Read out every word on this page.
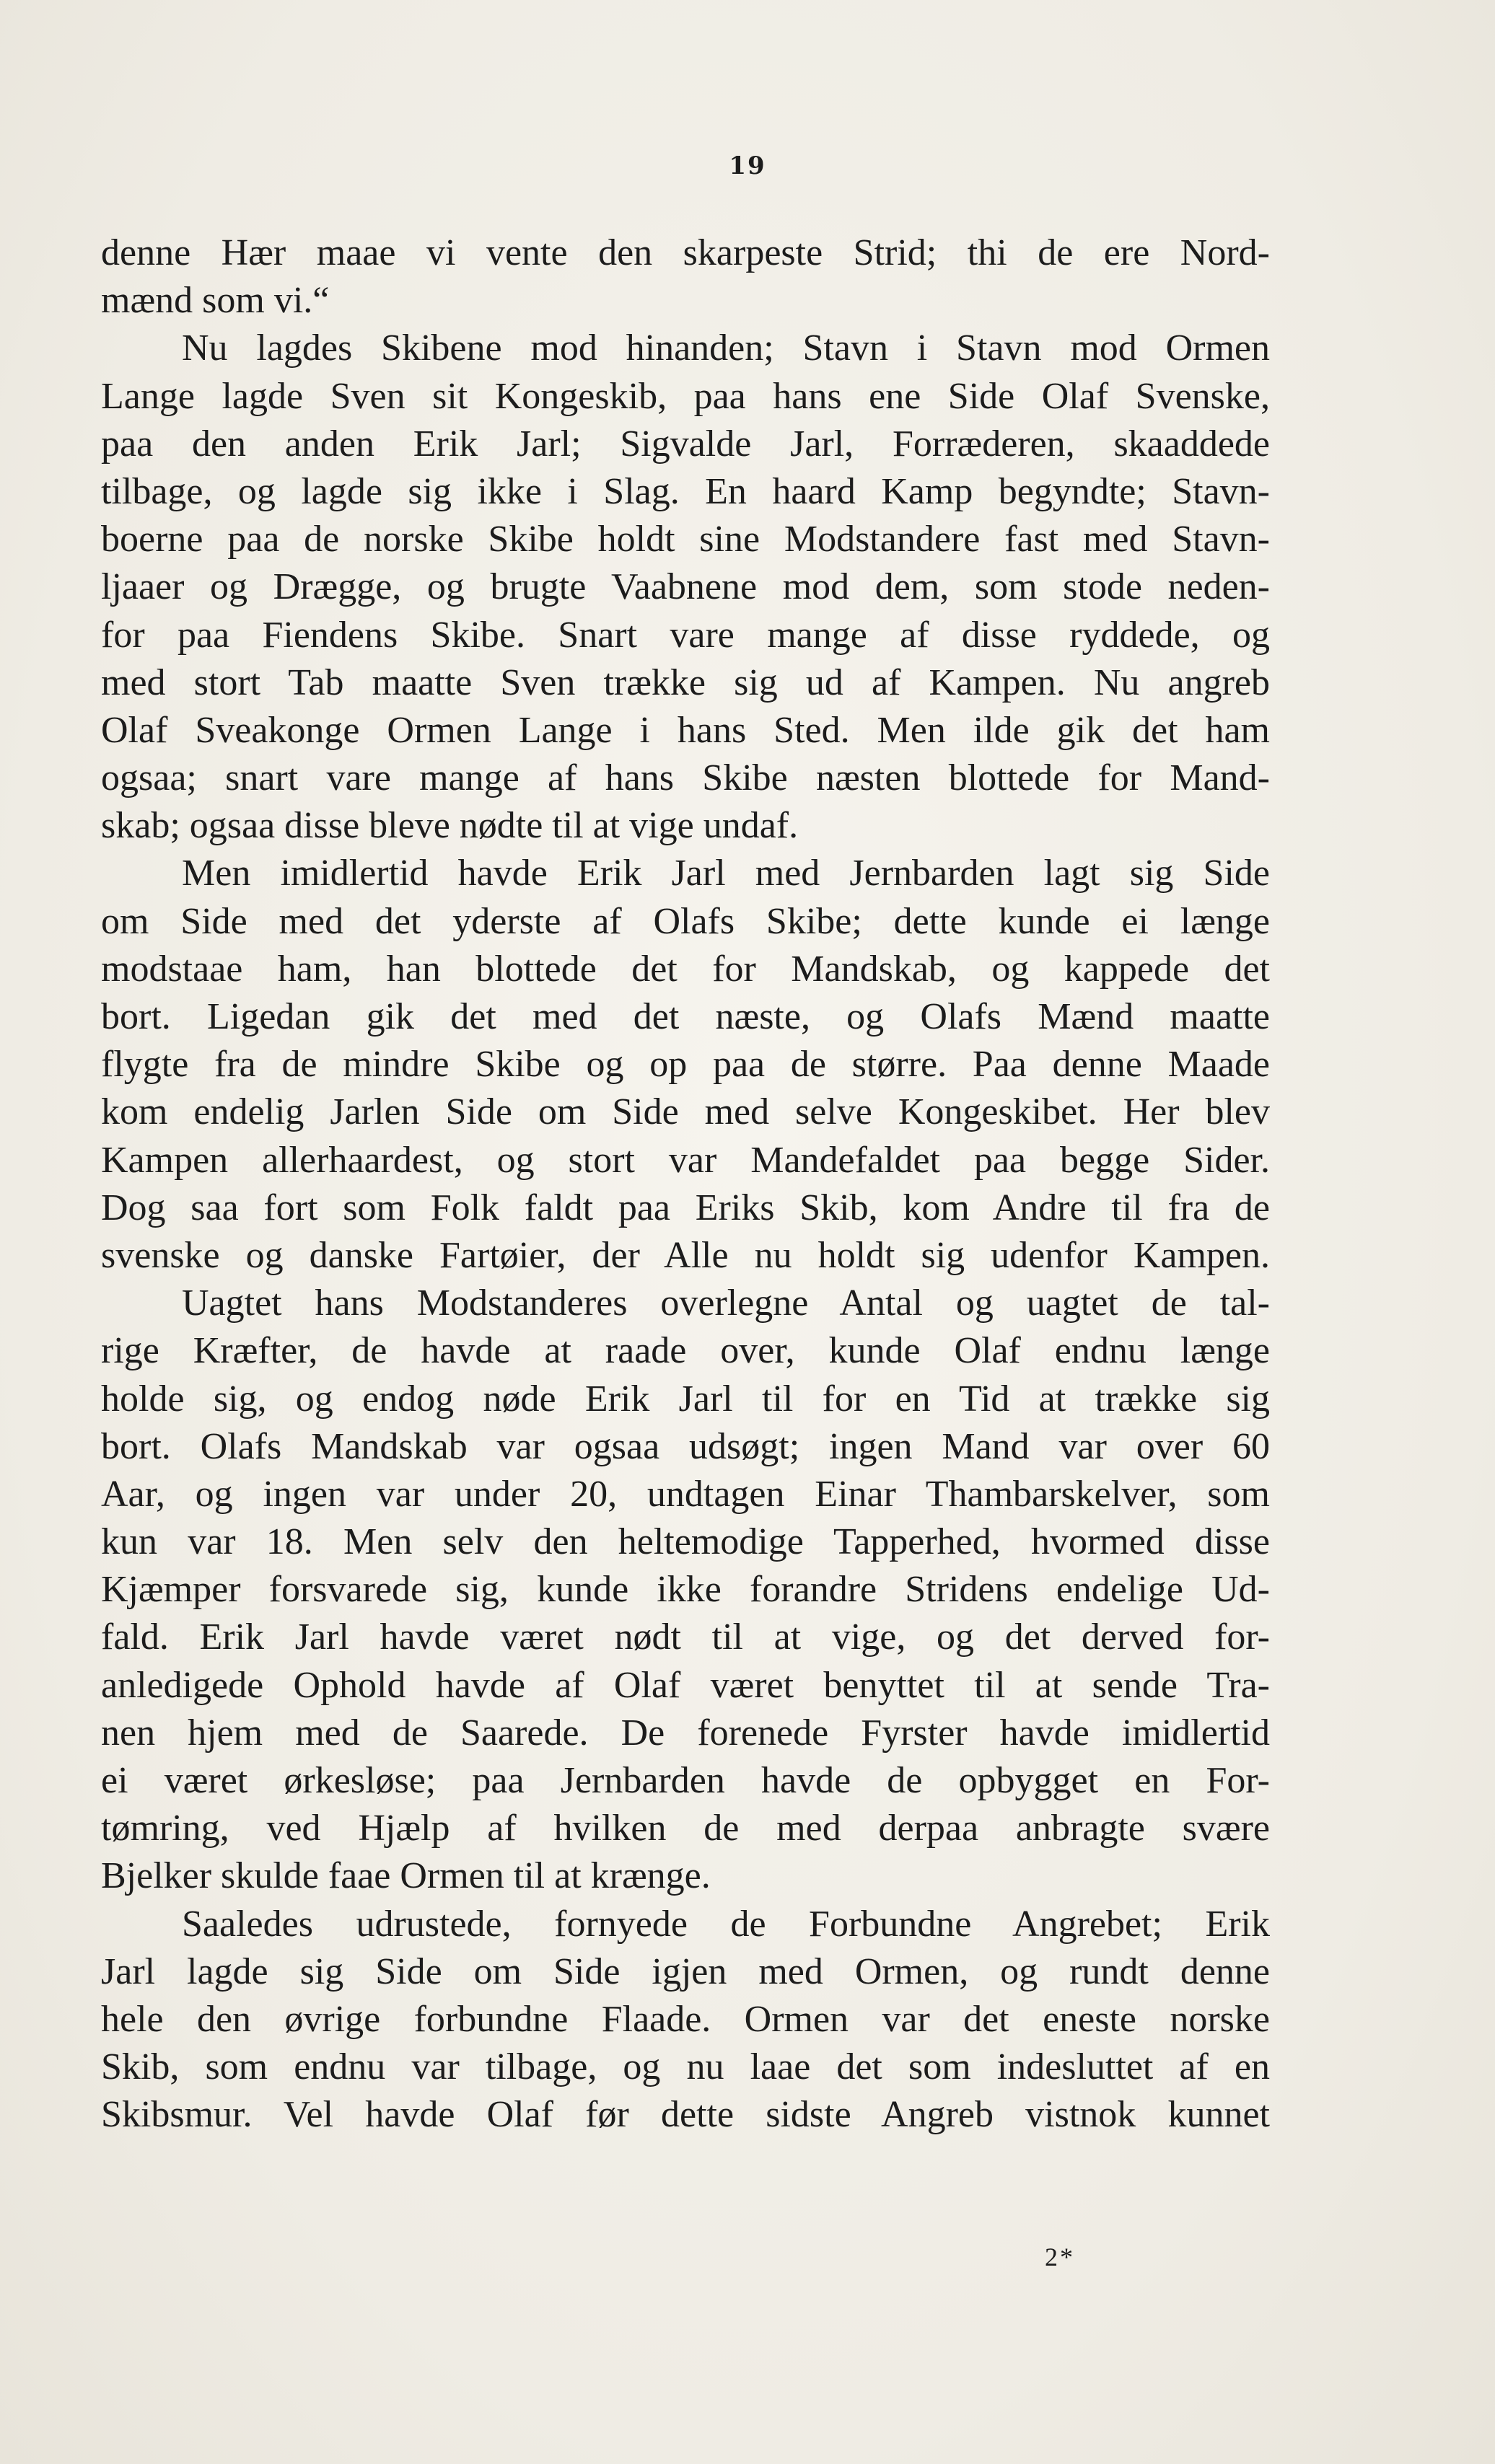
19
denne Hær maae vi vente den skarpeste Strid; thi de ere Nord-
mænd som vi.“
Nu lagdes Skibene mod hinanden; Stavn i Stavn mod Ormen
Lange lagde Sven sit Kongeskib, paa hans ene Side Olaf Svenske,
paa den anden Erik Jarl; Sigvalde Jarl, Forræderen, skaaddede
tilbage, og lagde sig ikke i Slag. En haard Kamp begyndte; Stavn-
boerne paa de norske Skibe holdt sine Modstandere fast med Stavn-
ljaaer og Drægge, og brugte Vaabnene mod dem, som stode neden-
for paa Fiendens Skibe. Snart vare mange af disse ryddede, og
med stort Tab maatte Sven trække sig ud af Kampen. Nu angreb
Olaf Sveakonge Ormen Lange i hans Sted. Men ilde gik det ham
ogsaa; snart vare mange af hans Skibe næsten blottede for Mand-
skab; ogsaa disse bleve nødte til at vige undaf.
Men imidlertid havde Erik Jarl med Jernbarden lagt sig Side
om Side med det yderste af Olafs Skibe; dette kunde ei længe
modstaae ham, han blottede det for Mandskab, og kappede det
bort. Ligedan gik det med det næste, og Olafs Mænd maatte
flygte fra de mindre Skibe og op paa de større. Paa denne Maade
kom endelig Jarlen Side om Side med selve Kongeskibet. Her blev
Kampen allerhaardest, og stort var Mandefaldet paa begge Sider.
Dog saa fort som Folk faldt paa Eriks Skib, kom Andre til fra de
svenske og danske Fartøier, der Alle nu holdt sig udenfor Kampen.
Uagtet hans Modstanderes overlegne Antal og uagtet de tal-
rige Kræfter, de havde at raade over, kunde Olaf endnu længe
holde sig, og endog nøde Erik Jarl til for en Tid at trække sig
bort. Olafs Mandskab var ogsaa udsøgt; ingen Mand var over 60
Aar, og ingen var under 20, undtagen Einar Thambarskelver, som
kun var 18. Men selv den heltemodige Tapperhed, hvormed disse
Kjæmper forsvarede sig, kunde ikke forandre Stridens endelige Ud-
fald. Erik Jarl havde været nødt til at vige, og det derved for-
anledigede Ophold havde af Olaf været benyttet til at sende Tra-
nen hjem med de Saarede. De forenede Fyrster havde imidlertid
ei været ørkesløse; paa Jernbarden havde de opbygget en For-
tømring, ved Hjælp af hvilken de med derpaa anbragte svære
Bjelker skulde faae Ormen til at krænge.
Saaledes udrustede, fornyede de Forbundne Angrebet; Erik
Jarl lagde sig Side om Side igjen med Ormen, og rundt denne
hele den øvrige forbundne Flaade. Ormen var det eneste norske
Skib, som endnu var tilbage, og nu laae det som indesluttet af en
Skibsmur. Vel havde Olaf før dette sidste Angreb vistnok kunnet
2*
